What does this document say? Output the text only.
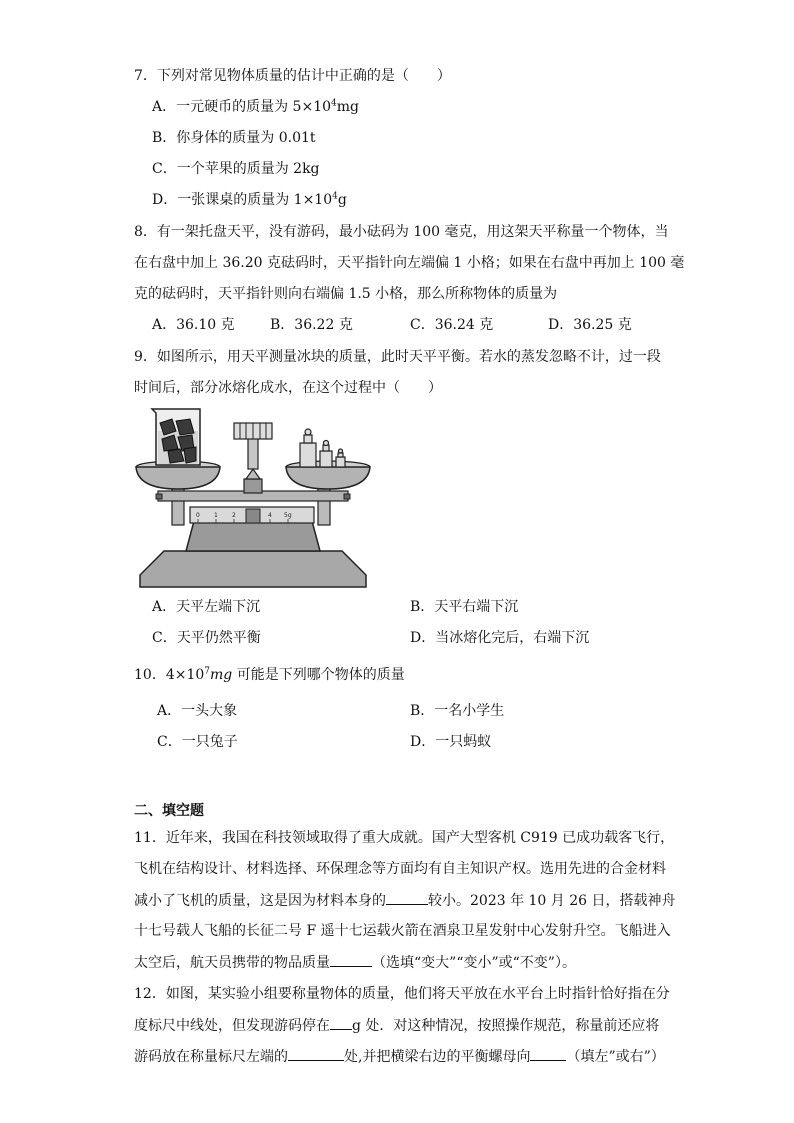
7．下列对常见物体质量的估计中正确的是（　　）
A．一元硬币的质量为 $5\times 10^4mg$
B．你身体的质量为 0.01t
C．一个苹果的质量为 2kg
D．一张课桌的质量为 $1\times 10^4g$
8．有一架托盘天平，没有游码，最小砝码为 100 毫克，用这架天平称量一个物体，当
在右盘中加上 36.20 克砝码时，天平指针向左端偏 1 小格；如果在右盘中再加上 100 毫
克的砝码时，天平指针则向右端偏 1.5 小格，那么所称物体的质量为
A．36.10 克	B．36.22 克	C．36.24 克	D．36.25 克
9．如图所示，用天平测量冰块的质量，此时天平平衡。若水的蒸发忽略不计，过一段
时间后，部分冰熔化成水，在这个过程中（　　）
0 1 2	4 5g
A．天平左端下沉	B．天平右端下沉
C．天平仍然平衡	D．当冰熔化完后，右端下沉
10．$4\times 10^7mg$ 可能是下列哪个物体的质量
A．一头大象	B．一名小学生
C．一只兔子	D．一只蚂蚁
二、填空题
11．近年来，我国在科技领域取得了重大成就。国产大型客机 C919 已成功载客飞行，
飞机在结构设计、材料选择、环保理念等方面均有自主知识产权。选用先进的合金材料
减小了飞机的质量，这是因为材料本身的	较小。2023 年 10 月 26 日，搭载神舟
十七号载人飞船的长征二号 F 遥十七运载火箭在酒泉卫星发射中心发射升空。飞船进入
太空后，航天员携带的物品质量	（选填“变大”“变小”或“不变”）。
12．如图，某实验小组要称量物体的质量，他们将天平放在水平台上时指针恰好指在分
度标尺中线处，但发现游码停在 g 处．对这种情况，按照操作规范，称量前还应将
游码放在称量标尺左端的	处,并把横梁右边的平衡螺母向	（填左”或右”）
